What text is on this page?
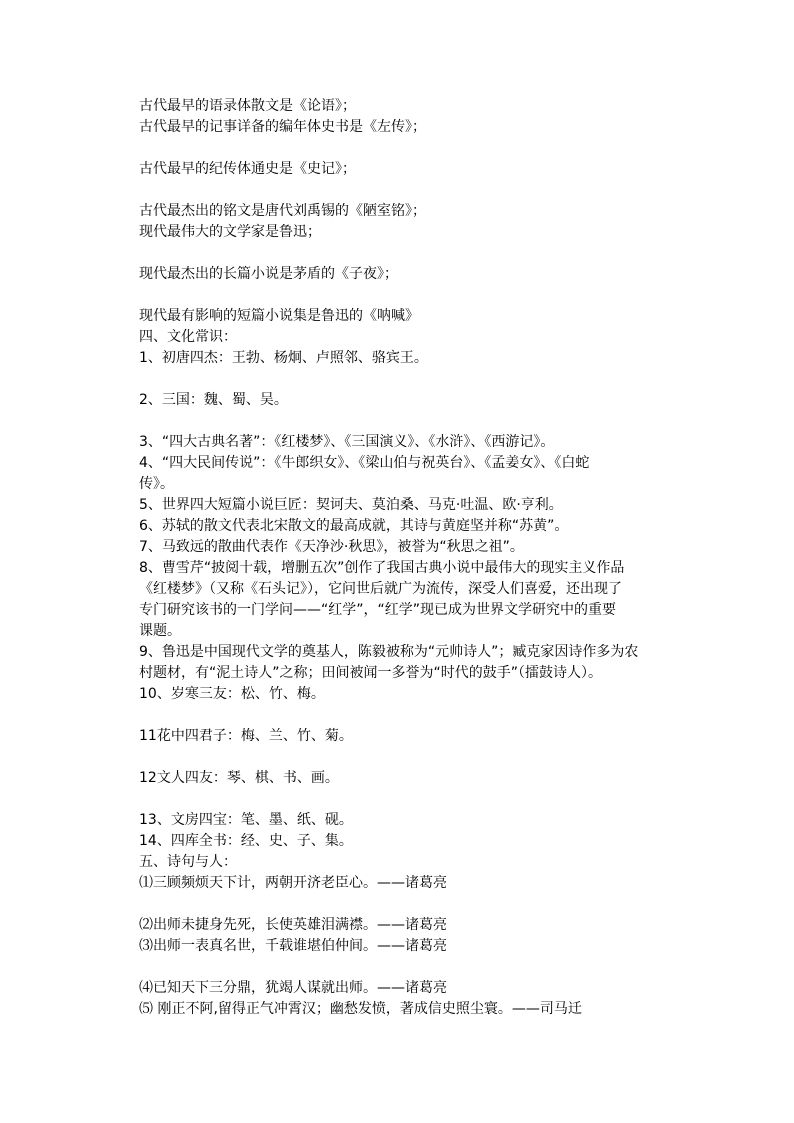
古代最早的语录体散文是《论语》；
古代最早的记事详备的编年体史书是《左传》；
古代最早的纪传体通史是《史记》；
古代最杰出的铭文是唐代刘禹锡的《陋室铭》；
现代最伟大的文学家是鲁迅；
现代最杰出的长篇小说是茅盾的《子夜》；
现代最有影响的短篇小说集是鲁迅的《呐喊》
四、文化常识：
1、初唐四杰：王勃、杨炯、卢照邻、骆宾王。
2、三国：魏、蜀、吴。
3、“四大古典名著”：《红楼梦》、《三国演义》、《水浒》、《西游记》。
4、“四大民间传说”：《牛郎织女》、《梁山伯与祝英台》、《孟姜女》、《白蛇
传》。
5、世界四大短篇小说巨匠：契诃夫、莫泊桑、马克·吐温、欧·亨利。
6、苏轼的散文代表北宋散文的最高成就，其诗与黄庭坚并称“苏黄”。
7、马致远的散曲代表作《天净沙·秋思》，被誉为“秋思之祖”。
8、曹雪芹“披阅十载，增删五次”创作了我国古典小说中最伟大的现实主义作品
《红楼梦》（又称《石头记》），它问世后就广为流传，深受人们喜爱，还出现了
专门研究该书的一门学问——“红学”，“红学”现已成为世界文学研究中的重要
课题。
9、鲁迅是中国现代文学的奠基人，陈毅被称为“元帅诗人”；臧克家因诗作多为农
村题材，有“泥土诗人”之称；田间被闻一多誉为“时代的鼓手”（擂鼓诗人）。
10、岁寒三友：松、竹、梅。
11花中四君子：梅、兰、竹、菊。
12文人四友：琴、棋、书、画。
13、文房四宝：笔、墨、纸、砚。
14、四库全书：经、史、子、集。
五、诗句与人：
⑴三顾频烦天下计，两朝开济老臣心。——诸葛亮
⑵出师未捷身先死，长使英雄泪满襟。——诸葛亮
⑶出师一表真名世，千载谁堪伯仲间。——诸葛亮
⑷已知天下三分鼎，犹竭人谋就出师。——诸葛亮
⑸ 刚正不阿,留得正气冲霄汉；幽愁发愤，著成信史照尘寰。——司马迁
